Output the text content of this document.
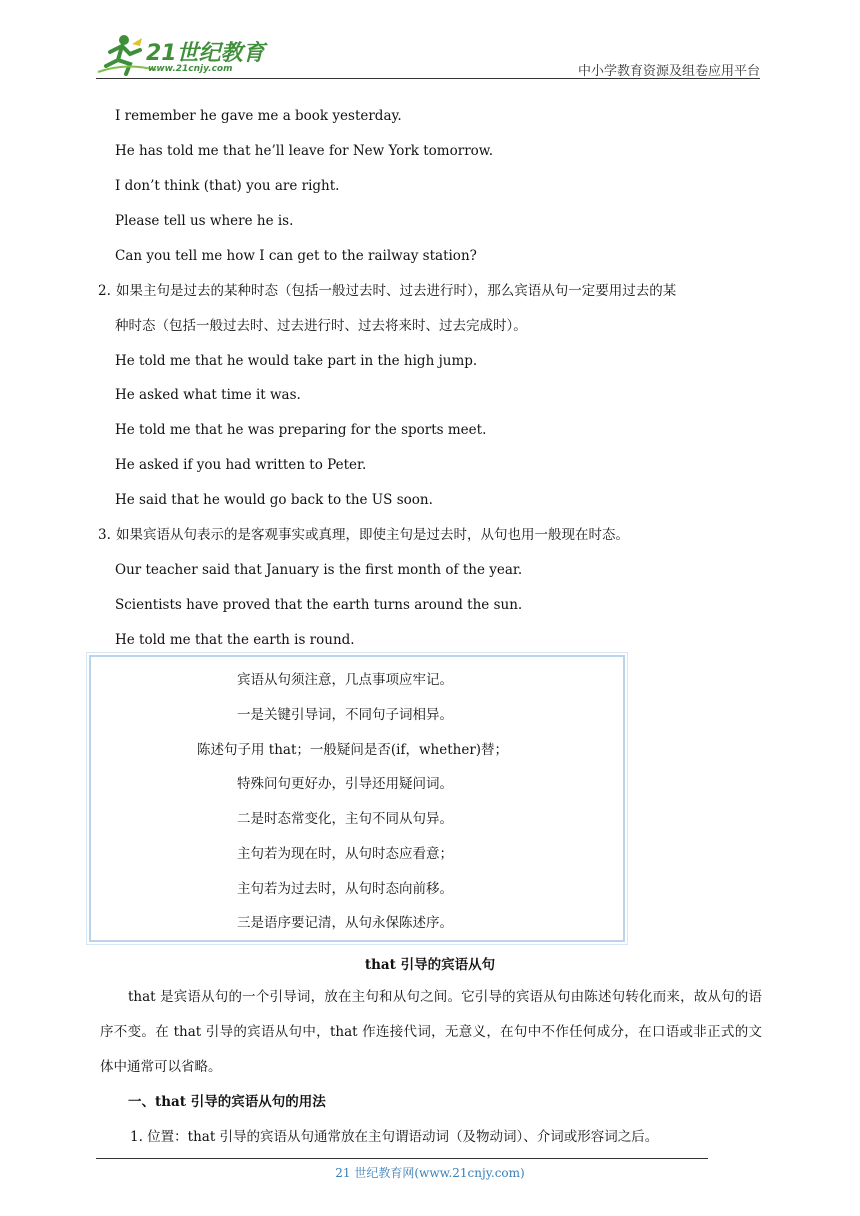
21世纪教育
www.21cnjy.com	中小学教育资源及组卷应用平台
I remember he gave me a book yesterday.
He has told me that he’ll leave for New York tomorrow.
I don’t think (that) you are right.
Please tell us where he is.
Can you tell me how I can get to the railway station?
2. 如果主句是过去的某种时态（包括一般过去时、过去进行时），那么宾语从句一定要用过去的某
种时态（包括一般过去时、过去进行时、过去将来时、过去完成时）。
He told me that he would take part in the high jump.
He asked what time it was.
He told me that he was preparing for the sports meet.
He asked if you had written to Peter.
He said that he would go back to the US soon.
3. 如果宾语从句表示的是客观事实或真理，即使主句是过去时，从句也用一般现在时态。
Our teacher said that January is the first month of the year.
Scientists have proved that the earth turns around the sun.
He told me that the earth is round.
宾语从句须注意，几点事项应牢记。
一是关键引导词，不同句子词相异。
陈述句子用 that；一般疑问是否(if，whether)替；
特殊问句更好办，引导还用疑问词。
二是时态常变化，主句不同从句异。
主句若为现在时，从句时态应看意；
主句若为过去时，从句时态向前移。
三是语序要记清，从句永保陈述序。
that 引导的宾语从句
that 是宾语从句的一个引导词，放在主句和从句之间。它引导的宾语从句由陈述句转化而来，故从句的语序不变。在 that 引导的宾语从句中，that 作连接代词，无意义，在句中不作任何成分，在口语或非正式的文体中通常可以省略。
一、that 引导的宾语从句的用法
1. 位置：that 引导的宾语从句通常放在主句谓语动词（及物动词）、介词或形容词之后。
21 世纪教育网(www.21cnjy.com)
